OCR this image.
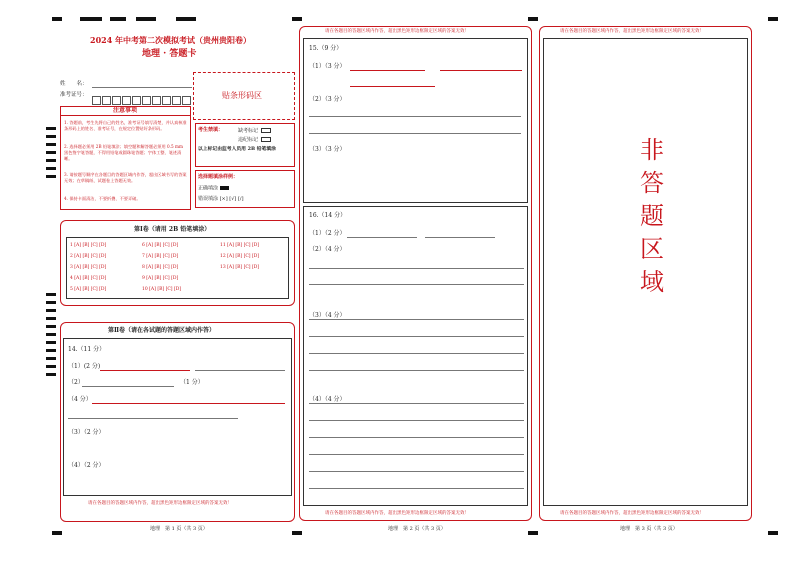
2024 年中考第二次模拟考试（贵州贵阳卷）
地理 · 答题卡
姓　　名：
准考证号：	贴条形码区
注意事项
1. 答题前，考生先将自己的姓名，准考证号填写清楚，并认真核准条形码上的姓名、准考证号，在规定位置贴好条形码。
2. 选择题必须用 2B 铅笔填涂；填空题和解答题必须用 0.5 mm 黑色签字笔答题，不得用铅笔或圆珠笔答题；字体工整、笔迹清晰。
3. 请按题号顺序在各题目的答题区域内作答，超出区域书写的答案无效；在草稿纸、试题卷上答题无效。
4. 保持卡面清洁，不要折叠、不要弄破。
考生禁填：	缺考标记
违纪标记
以上标记由监考人员用 2B 铅笔填涂
选择题填涂样例：
正确填涂
错误填涂 [×] [√] [/]
第Ⅰ卷（请用 2B 铅笔填涂）
1 [A] [B] [C] [D]
2 [A] [B] [C] [D]
3 [A] [B] [C] [D]
4 [A] [B] [C] [D]
5 [A] [B] [C] [D]
6 [A] [B] [C] [D]
7 [A] [B] [C] [D]
8 [A] [B] [C] [D]
9 [A] [B] [C] [D]
10 [A] [B] [C] [D]
11 [A] [B] [C] [D]
12 [A] [B] [C] [D]
13 [A] [B] [C] [D]
第Ⅱ卷（请在各试题的答题区域内作答）
14.（11 分）
（1）(2 分)
（2）	（1 分）
（4 分）
（3）（2 分）
（4）（2 分）
请在各题目的答题区域内作答，超出黑色矩形边框限定区域的答案无效！
地理　第 1 页（共 3 页）
请在各题目的答题区域内作答，超出黑色矩形边框限定区域的答案无效！
15.（9 分）
（1）（3 分）
（2）（3 分）
（3）（3 分）
16.（14 分）
（1）（2 分）
（2）（4 分）
（3）（4 分）
（4）（4 分）
请在各题目的答题区域内作答，超出黑色矩形边框限定区域的答案无效！
地理　第 2 页（共 3 页）
请在各题目的答题区域内作答，超出黑色矩形边框限定区域的答案无效！
非
答
题
区
域
请在各题目的答题区域内作答，超出黑色矩形边框限定区域的答案无效！
地理　第 3 页（共 3 页）
